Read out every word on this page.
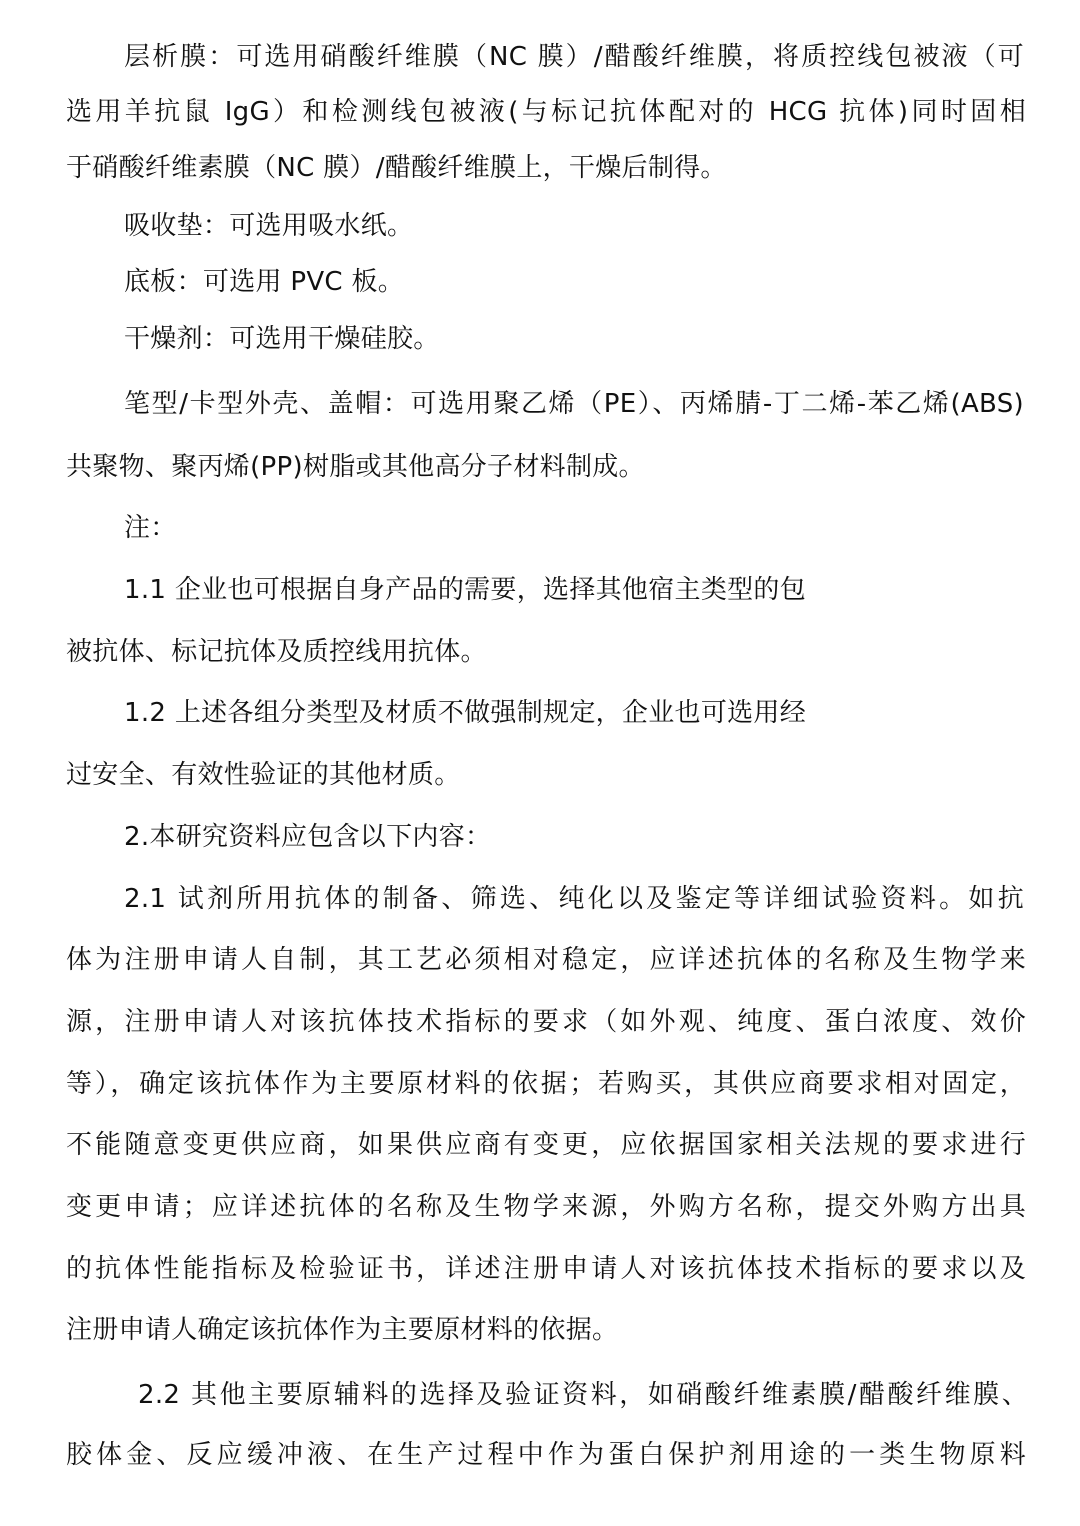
层析膜：可选用硝酸纤维膜（NC 膜）/醋酸纤维膜，将质控线包被液（可

选用羊抗鼠 IgG）和检测线包被液(与标记抗体配对的 HCG 抗体)同时固相

于硝酸纤维素膜（NC 膜）/醋酸纤维膜上，干燥后制得。

吸收垫：可选用吸水纸。

底板：可选用 PVC 板。

干燥剂：可选用干燥硅胶。

笔型/卡型外壳、盖帽：可选用聚乙烯（PE）、丙烯腈-丁二烯-苯乙烯(ABS)

共聚物、聚丙烯(PP)树脂或其他高分子材料制成。

注：

1.1 企业也可根据自身产品的需要，选择其他宿主类型的包

被抗体、标记抗体及质控线用抗体。

1.2 上述各组分类型及材质不做强制规定，企业也可选用经

过安全、有效性验证的其他材质。

2.本研究资料应包含以下内容：

2.1 试剂所用抗体的制备、筛选、纯化以及鉴定等详细试验资料。如抗

体为注册申请人自制，其工艺必须相对稳定，应详述抗体的名称及生物学来

源，注册申请人对该抗体技术指标的要求（如外观、纯度、蛋白浓度、效价

等），确定该抗体作为主要原材料的依据；若购买，其供应商要求相对固定，

不能随意变更供应商，如果供应商有变更，应依据国家相关法规的要求进行

变更申请；应详述抗体的名称及生物学来源，外购方名称，提交外购方出具

的抗体性能指标及检验证书，详述注册申请人对该抗体技术指标的要求以及

注册申请人确定该抗体作为主要原材料的依据。

2.2 其他主要原辅料的选择及验证资料，如硝酸纤维素膜/醋酸纤维膜、

胶体金、反应缓冲液、在生产过程中作为蛋白保护剂用途的一类生物原料
